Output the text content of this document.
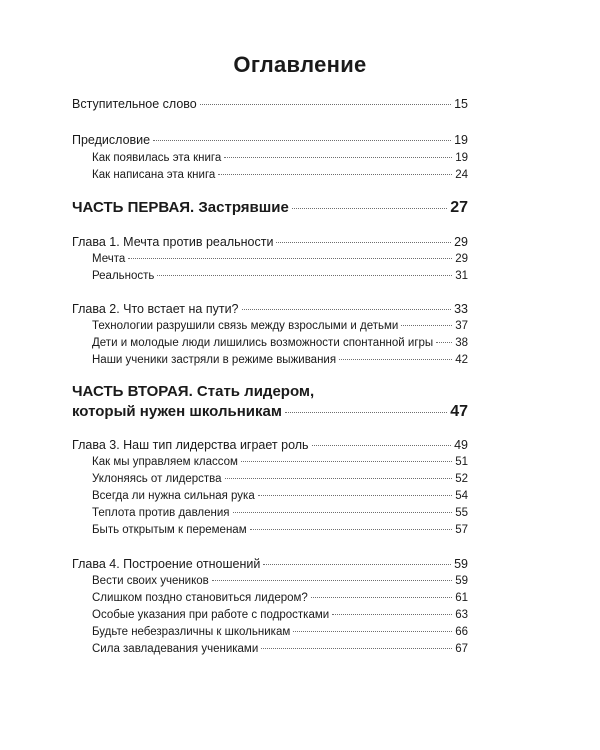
Оглавление
Вступительное слово	15
Предисловие	19
Как появилась эта книга	19
Как написана эта книга	24
ЧАСТЬ ПЕРВАЯ. Застрявшие	27
Глава 1. Мечта против реальности	29
Мечта	29
Реальность	31
Глава 2. Что встает на пути?	33
Технологии разрушили связь между взрослыми и детьми	37
Дети и молодые люди лишились возможности спонтанной игры 38
Наши ученики застряли в режиме выживания	42
ЧАСТЬ ВТОРАЯ. Стать лидером,
который нужен школьникам	47
Глава 3. Наш тип лидерства играет роль	49
Как мы управляем классом	51
Уклоняясь от лидерства	52
Всегда ли нужна сильная рука	54
Теплота против давления	55
Быть открытым к переменам	57
Глава 4. Построение отношений	59
Вести своих учеников	59
Слишком поздно становиться лидером?	61
Особые указания при работе с подростками	63
Будьте небезразличны к школьникам	66
Сила завладевания учениками	67
